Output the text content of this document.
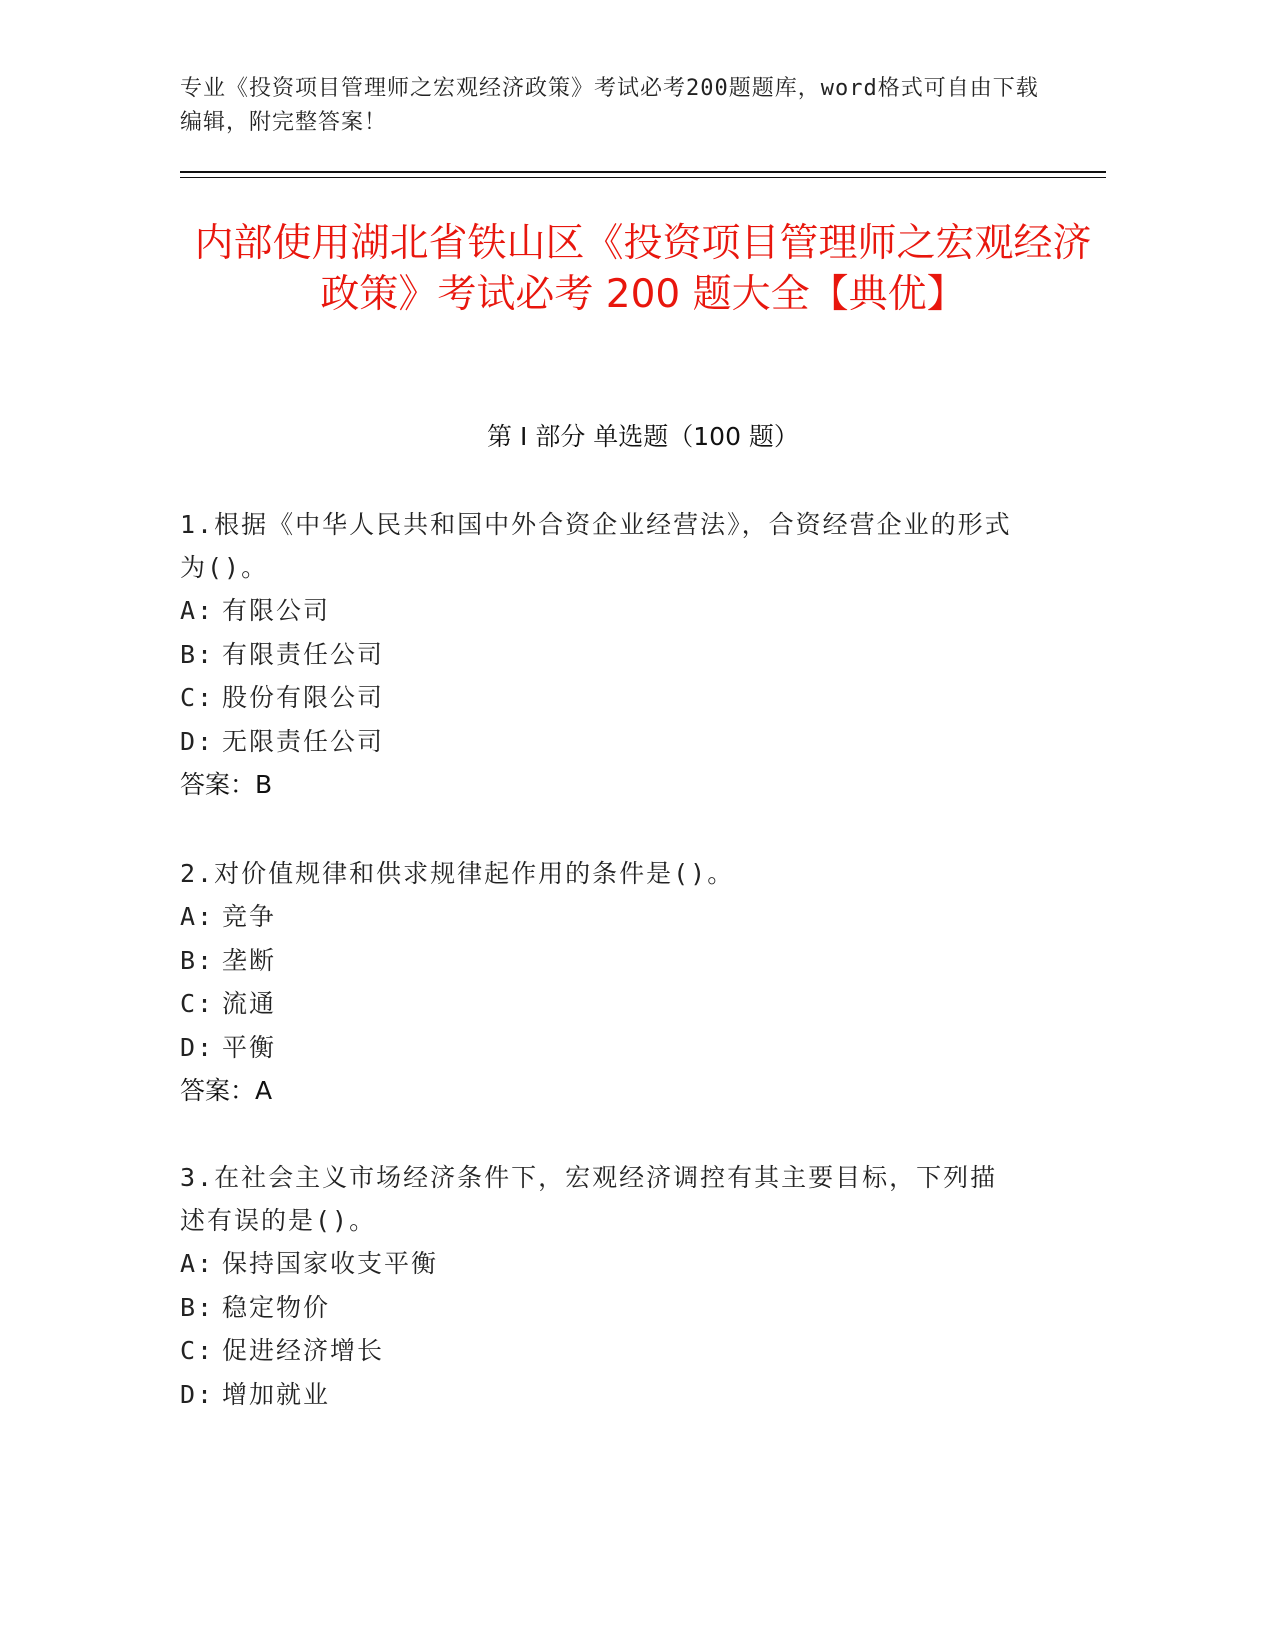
专业《投资项目管理师之宏观经济政策》考试必考200题题库，word格式可自由下载编辑，附完整答案！
内部使用湖北省铁山区《投资项目管理师之宏观经济政策》考试必考 200 题大全【典优】
第 I 部分 单选题（100 题）

1.根据《中华人民共和国中外合资企业经营法》，合资经营企业的形式为()。

A: 有限公司

B: 有限责任公司

C: 股份有限公司

D: 无限责任公司

答案：B

2.对价值规律和供求规律起作用的条件是()。

A: 竞争

B: 垄断

C: 流通

D: 平衡

答案：A

3.在社会主义市场经济条件下，宏观经济调控有其主要目标，下列描述有误的是()。

A: 保持国家收支平衡

B: 稳定物价

C: 促进经济增长

D: 增加就业
